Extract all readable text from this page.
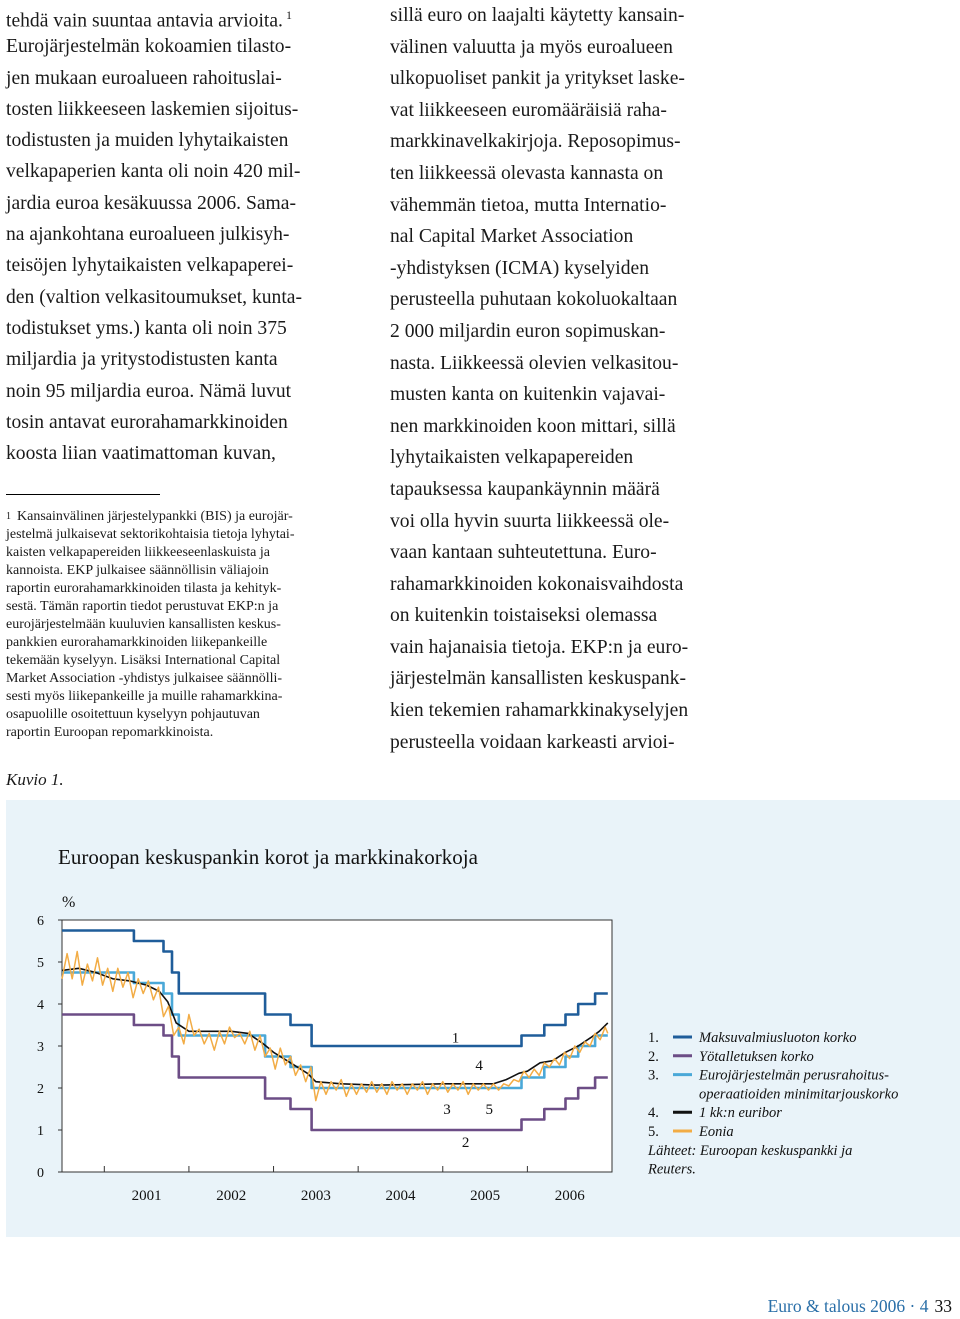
tehdä vain suuntaa antavia arvioita. $^1$
Eurojärjestelmän kokoamien tilasto-
jen mukaan euroalueen rahoituslai-
tosten liikkeeseen laskemien sijoitus-
todistusten ja muiden lyhytaikaisten
velkapaperien kanta oli noin 420 mil-
jardia euroa kesäkuussa 2006. Sama-
na ajankohtana euroalueen julkisyh-
teisöjen lyhytaikaisten velkapaperei-
den (valtion velkasitoumukset, kunta-
todistukset yms.) kanta oli noin 375
miljardia ja yritystodistusten kanta
noin 95 miljardia euroa. Nämä luvut
tosin antavat eurorahamarkkinoiden
koosta liian vaatimattoman kuvan,
sillä euro on laajalti käytetty kansain-
välinen valuutta ja myös euroalueen
ulkopuoliset pankit ja yritykset laske-
vat liikkeeseen euromääräisiä raha-
markkinavelkakirjoja. Reposopimus-
ten liikkeessä olevasta kannasta on
vähemmän tietoa, mutta Internatio-
nal Capital Market Association
-yhdistyksen (ICMA) kyselyiden
perusteella puhutaan kokoluokaltaan
2 000 miljardin euron sopimuskan-
nasta. Liikkeessä olevien velkasitou-
musten kanta on kuitenkin vajavai-
nen markkinoiden koon mittari, sillä
lyhytaikaisten velkapapereiden
tapauksessa kaupankäynnin määrä
voi olla hyvin suurta liikkeessä ole-
vaan kantaan suhteutettuna. Euro-
rahamarkkinoiden kokonaisvaihdosta
on kuitenkin toistaiseksi olemassa
vain hajanaisia tietoja. EKP:n ja euro-
järjestelmän kansallisten keskuspank-
kien tekemien rahamarkkinakyselyjen
perusteella voidaan karkeasti arvioi-
$^1$ Kansainvälinen järjestelypankki (BIS) ja eurojär-
jestelmä julkaisevat sektorikohtaisia tietoja lyhytai-
kaisten velkapapereiden liikkeeseenlaskuista ja
kannoista. EKP julkaisee säännöllisin väliajoin
raportin eurorahamarkkinoiden tilasta ja kehityk-
sestä. Tämän raportin tiedot perustuvat EKP:n ja
eurojärjestelmään kuuluvien kansallisten keskus-
pankkien eurorahamarkkinoiden liikepankeille
tekemään kyselyyn. Lisäksi International Capital
Market Association -yhdistys julkaisee säännölli-
sesti myös liikepankeille ja muille rahamarkkina-
osapuolille osoitettuun kyselyyn pohjautuvan
raportin Euroopan repomarkkinoista.
Kuvio 1.
Euroopan keskuspankin korot ja markkinakorkoja
0
1
2
3
4
5
6
%
2001	2002	2003	2004	2005	2006
1
4
3 5
2
1.	Maksuvalmiusluoton korko
2.	Yötalletuksen korko
3.	Eurojärjestelmän perusrahoitus-operaatioiden minimitarjouskorko
4.	1 kk:n euribor
5.	Eonia
Lähteet: Euroopan keskuspankki ja Reuters.
Euro & talous 2006 · 4 33
